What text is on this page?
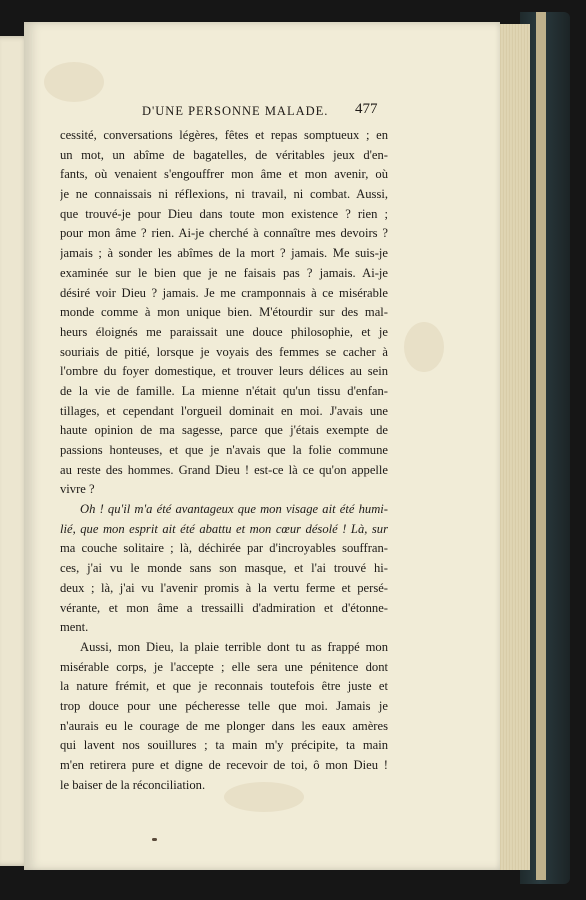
D'UNE PERSONNE MALADE.	477
cessité, conversations légères, fêtes et repas somptueux ; en
un mot, un abîme de bagatelles, de véritables jeux d'en-
fants, où venaient s'engouffrer mon âme et mon avenir, où
je ne connaissais ni réflexions, ni travail, ni combat. Aussi,
que trouvé-je pour Dieu dans toute mon existence ? rien ;
pour mon âme ? rien. Ai-je cherché à connaître mes devoirs ?
jamais ; à sonder les abîmes de la mort ? jamais. Me suis-je
examinée sur le bien que je ne faisais pas ? jamais. Ai-je
désiré voir Dieu ? jamais. Je me cramponnais à ce misérable
monde comme à mon unique bien. M'étourdir sur des mal-
heurs éloignés me paraissait une douce philosophie, et je
souriais de pitié, lorsque je voyais des femmes se cacher à
l'ombre du foyer domestique, et trouver leurs délices au sein
de la vie de famille. La mienne n'était qu'un tissu d'enfan-
tillages, et cependant l'orgueil dominait en moi. J'avais une
haute opinion de ma sagesse, parce que j'étais exempte de
passions honteuses, et que je n'avais que la folie commune
au reste des hommes. Grand Dieu ! est-ce là ce qu'on appelle
vivre ?
Oh ! qu'il m'a été avantageux que mon visage ait été humi-
lié, que mon esprit ait été abattu et mon cœur désolé ! Là, sur
ma couche solitaire ; là, déchirée par d'incroyables souffran-
ces, j'ai vu le monde sans son masque, et l'ai trouvé hi-
deux ; là, j'ai vu l'avenir promis à la vertu ferme et persé-
vérante, et mon âme a tressailli d'admiration et d'étonne-
ment.
Aussi, mon Dieu, la plaie terrible dont tu as frappé mon
misérable corps, je l'accepte ; elle sera une pénitence dont
la nature frémit, et que je reconnais toutefois être juste et
trop douce pour une pécheresse telle que moi. Jamais je
n'aurais eu le courage de me plonger dans les eaux amères
qui lavent nos souillures ; ta main m'y précipite, ta main
m'en retirera pure et digne de recevoir de toi, ô mon Dieu !
le baiser de la réconciliation.
